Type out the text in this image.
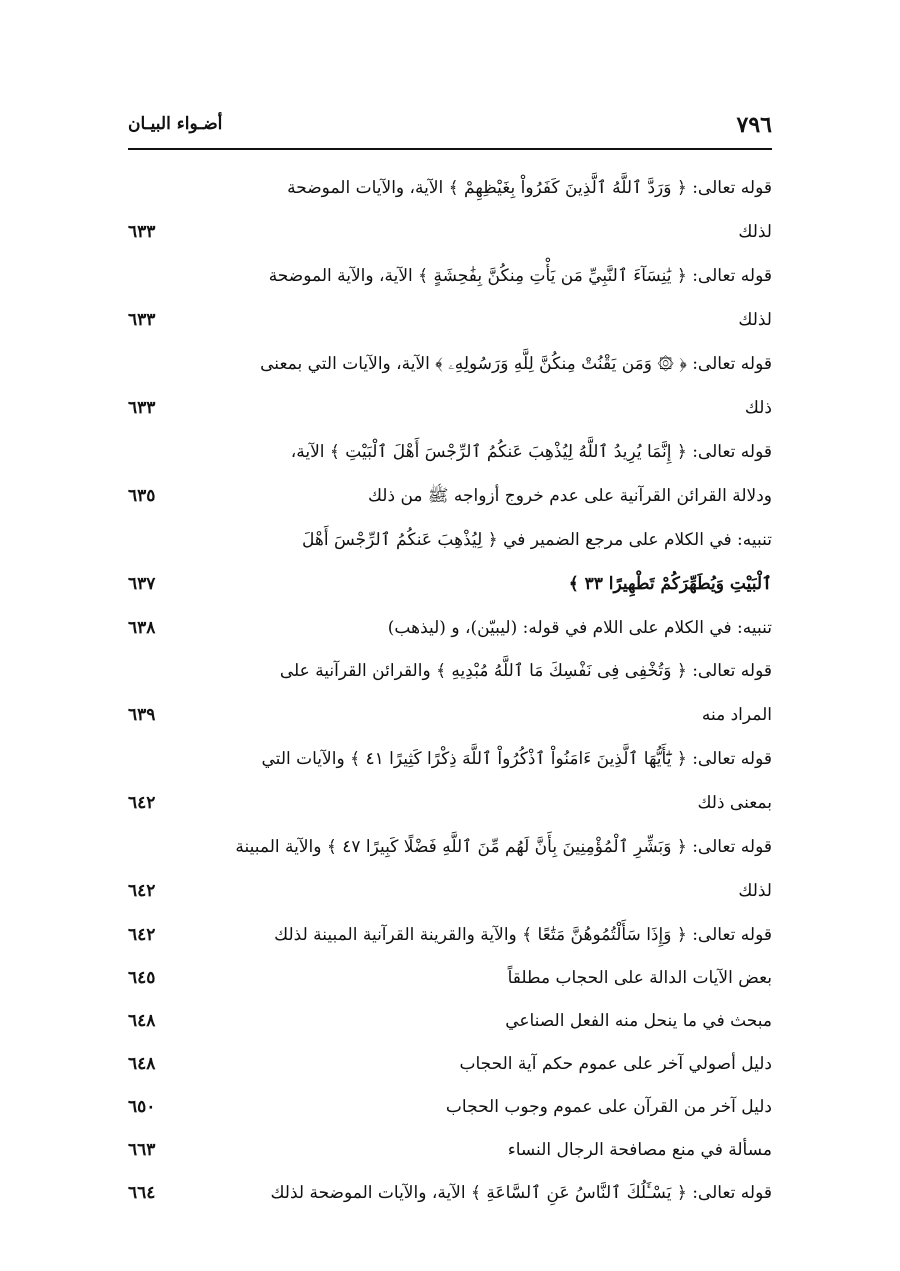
٧٩٦
أضـواء البيـان
قوله تعالى: ﴿ وَرَدَّ ٱللَّهُ ٱلَّذِينَ كَفَرُواْ بِغَيْظِهِمْ ﴾ الآية، والآيات الموضحة
لذلك
٦٣٣
قوله تعالى: ﴿ يَٰنِسَآءَ ٱلنَّبِيِّ مَن يَأْتِ مِنكُنَّ بِفَٰحِشَةٍ ﴾ الآية، والآية الموضحة
لذلك
٦٣٣
قوله تعالى: ﴿ ۞ وَمَن يَقْنُتْ مِنكُنَّ لِلَّهِ وَرَسُولِهِۦ ﴾ الآية، والآيات التي بمعنى
ذلك
٦٣٣
قوله تعالى: ﴿ إِنَّمَا يُرِيدُ ٱللَّهُ لِيُذْهِبَ عَنكُمُ ٱلرِّجْسَ أَهْلَ ٱلْبَيْتِ ﴾ الآية،
ودلالة القرائن القرآنية على عدم خروج أزواجه ﷺ من ذلك
٦٣٥
تنبيه: في الكلام على مرجع الضمير في ﴿ لِيُذْهِبَ عَنكُمُ ٱلرِّجْسَ أَهْلَ
ٱلْبَيْتِ وَيُطَهِّرَكُمْ تَطْهِيرًا ٣٣ ﴾
٦٣٧
تنبيه: في الكلام على اللام في قوله: (ليبيّن)، و (ليذهب)
٦٣٨
قوله تعالى: ﴿ وَتُخْفِى فِى نَفْسِكَ مَا ٱللَّهُ مُبْدِيهِ ﴾ والقرائن القرآنية على
المراد منه
٦٣٩
قوله تعالى: ﴿ يَٰٓأَيُّهَا ٱلَّذِينَ ءَامَنُواْ ٱذْكُرُواْ ٱللَّهَ ذِكْرًا كَثِيرًا ٤١ ﴾ والآيات التي
بمعنى ذلك
٦٤٢
قوله تعالى: ﴿ وَبَشِّرِ ٱلْمُؤْمِنِينَ بِأَنَّ لَهُم مِّنَ ٱللَّهِ فَضْلًا كَبِيرًا ٤٧ ﴾ والآية المبينة
لذلك
٦٤٢
قوله تعالى: ﴿ وَإِذَا سَأَلْتُمُوهُنَّ مَتَٰعًا ﴾ والآية والقرينة القرآنية المبينة لذلك
٦٤٢
بعض الآيات الدالة على الحجاب مطلقاً
٦٤٥
مبحث في ما ينحل منه الفعل الصناعي
٦٤٨
دليل أصولي آخر على عموم حكم آية الحجاب
٦٤٨
دليل آخر من القرآن على عموم وجوب الحجاب
٦٥٠
مسألة في منع مصافحة الرجال النساء
٦٦٣
قوله تعالى: ﴿ يَسْـَٔلُكَ ٱلنَّاسُ عَنِ ٱلسَّاعَةِ ﴾ الآية، والآيات الموضحة لذلك
٦٦٤
